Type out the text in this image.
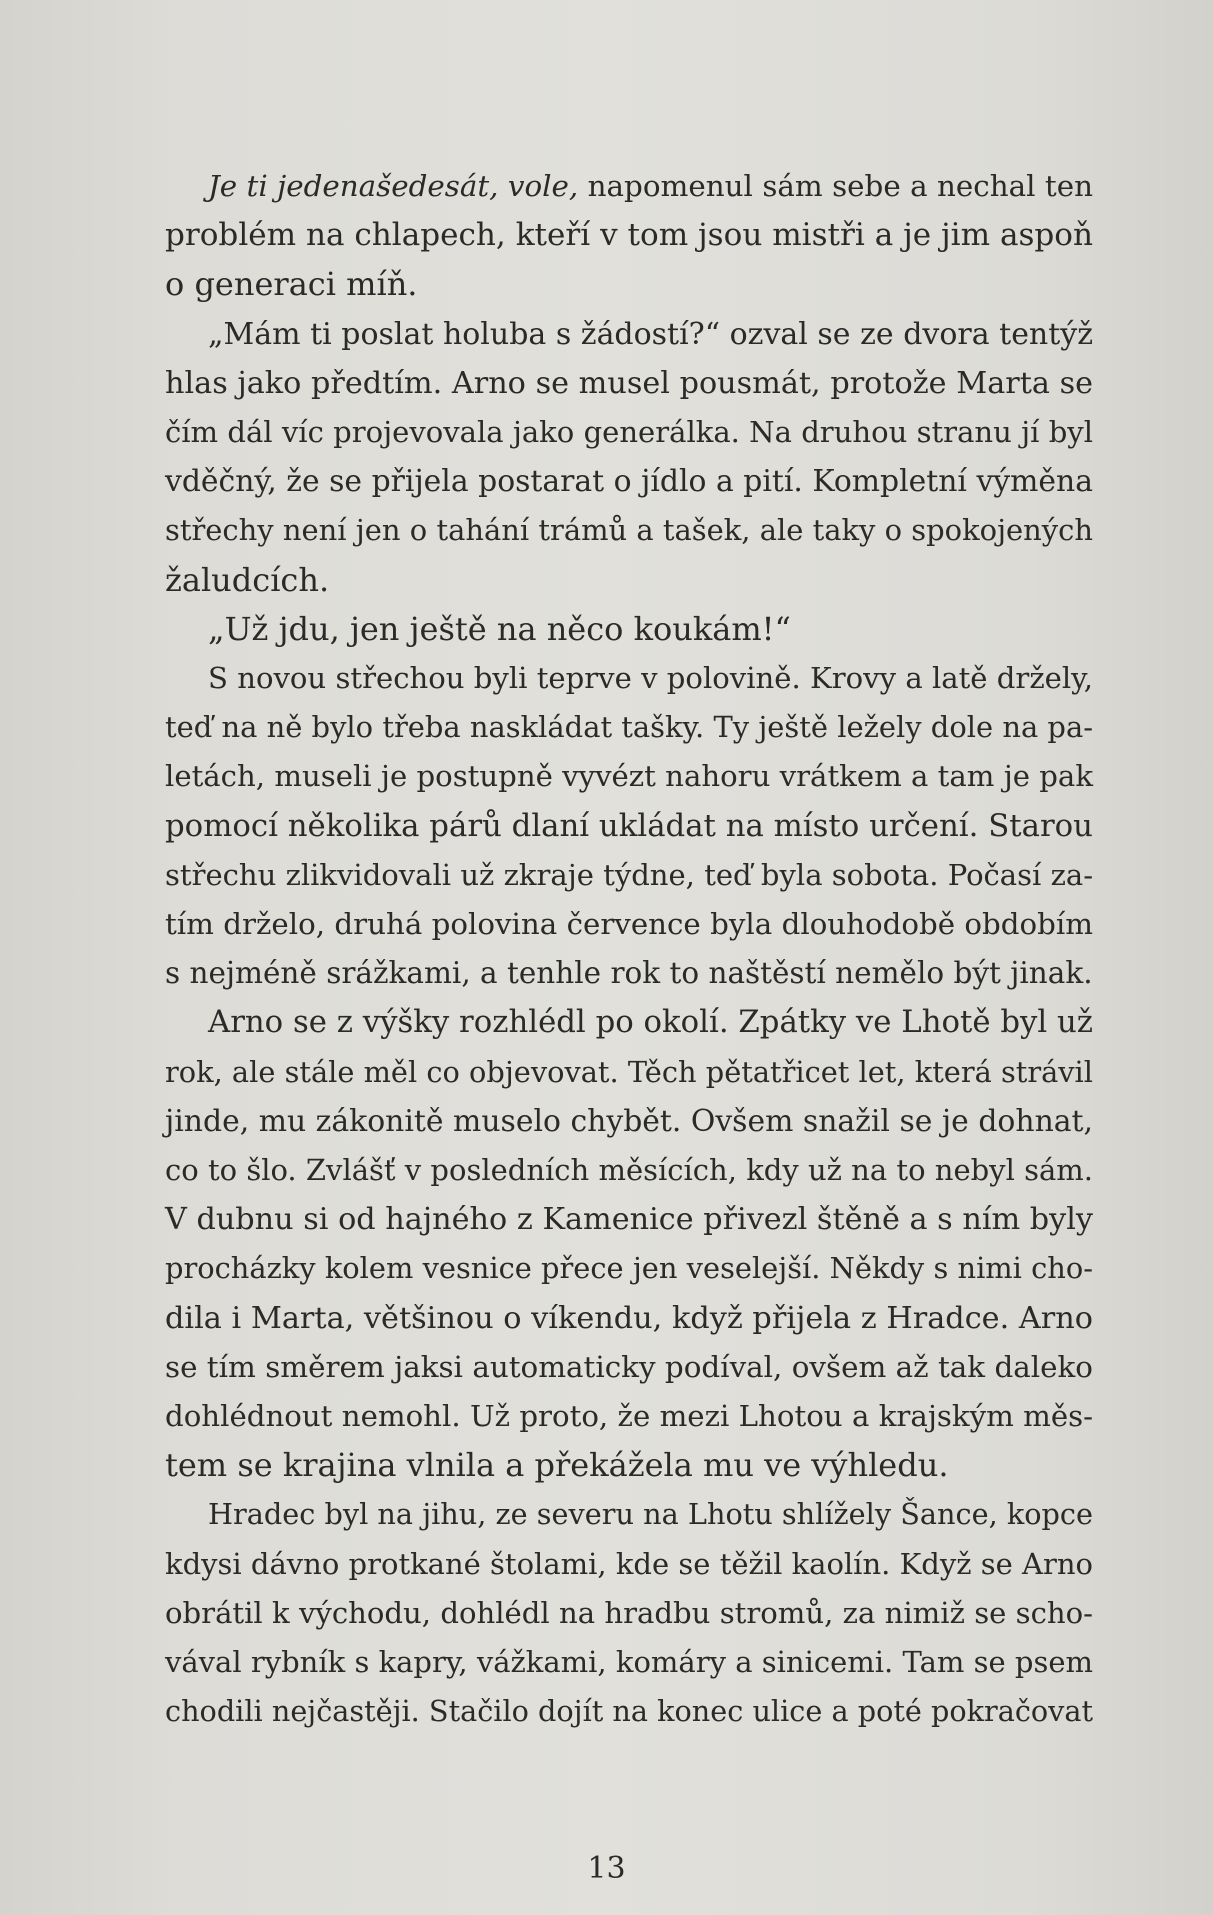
Je ti jedenašedesát, vole, napomenul sám sebe a nechal ten
problém na chlapech, kteří v tom jsou mistři a je jim aspoň
o generaci míň.
„Mám ti poslat holuba s žádostí?“ ozval se ze dvora tentýž
hlas jako předtím. Arno se musel pousmát, protože Marta se
čím dál víc projevovala jako generálka. Na druhou stranu jí byl
vděčný, že se přijela postarat o jídlo a pití. Kompletní výměna
střechy není jen o tahání trámů a tašek, ale taky o spokojených
žaludcích.
„Už jdu, jen ještě na něco koukám!“
S novou střechou byli teprve v polovině. Krovy a latě držely,
teď na ně bylo třeba naskládat tašky. Ty ještě ležely dole na pa-
letách, museli je postupně vyvézt nahoru vrátkem a tam je pak
pomocí několika párů dlaní ukládat na místo určení. Starou
střechu zlikvidovali už zkraje týdne, teď byla sobota. Počasí za-
tím drželo, druhá polovina července byla dlouhodobě obdobím
s nejméně srážkami, a tenhle rok to naštěstí nemělo být jinak.
Arno se z výšky rozhlédl po okolí. Zpátky ve Lhotě byl už
rok, ale stále měl co objevovat. Těch pětatřicet let, která strávil
jinde, mu zákonitě muselo chybět. Ovšem snažil se je dohnat,
co to šlo. Zvlášť v posledních měsících, kdy už na to nebyl sám.
V dubnu si od hajného z Kamenice přivezl štěně a s ním byly
procházky kolem vesnice přece jen veselejší. Někdy s nimi cho-
dila i Marta, většinou o víkendu, když přijela z Hradce. Arno
se tím směrem jaksi automaticky podíval, ovšem až tak daleko
dohlédnout nemohl. Už proto, že mezi Lhotou a krajským měs-
tem se krajina vlnila a překážela mu ve výhledu.
Hradec byl na jihu, ze severu na Lhotu shlížely Šance, kopce
kdysi dávno protkané štolami, kde se těžil kaolín. Když se Arno
obrátil k východu, dohlédl na hradbu stromů, za nimiž se scho-
vával rybník s kapry, vážkami, komáry a sinicemi. Tam se psem
chodili nejčastěji. Stačilo dojít na konec ulice a poté pokračovat
13
